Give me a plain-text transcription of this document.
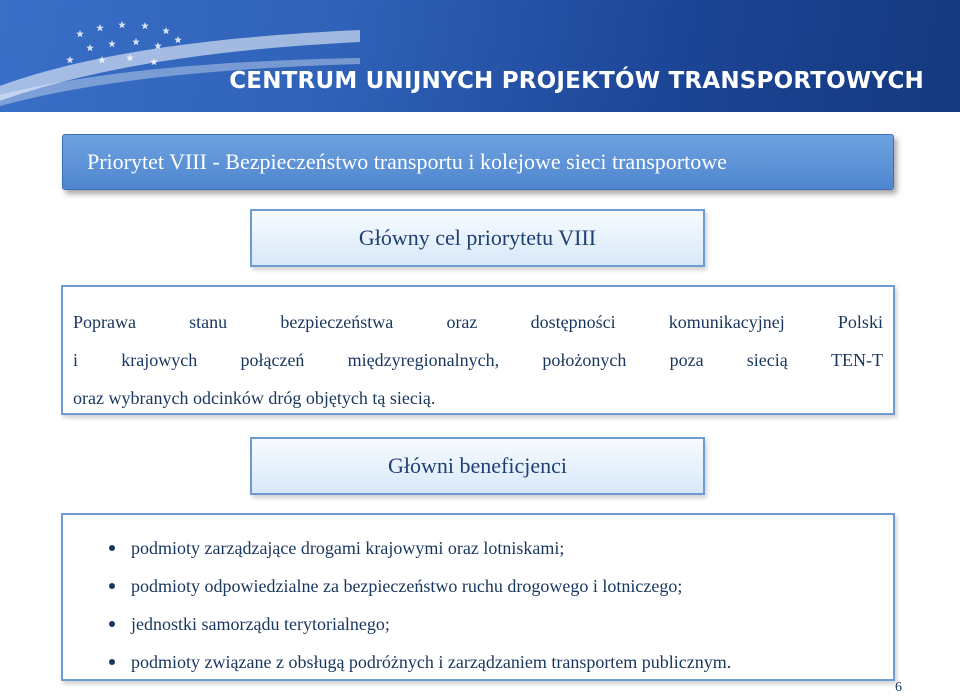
CENTRUM UNIJNYCH PROJEKTÓW TRANSPORTOWYCH
Priorytet VIII - Bezpieczeństwo transportu i kolejowe sieci transportowe
Główny cel priorytetu VIII
Poprawa	stanu	bezpieczeństwa	oraz	dostępności	komunikacyjnej	Polski
i krajowych połączeń międzyregionalnych, położonych poza siecią TEN-T
oraz wybranych odcinków dróg objętych tą siecią.
Główni beneficjenci
podmioty zarządzające drogami krajowymi oraz lotniskami;
podmioty odpowiedzialne za bezpieczeństwo ruchu drogowego i lotniczego;
jednostki samorządu terytorialnego;
podmioty związane z obsługą podróżnych i zarządzaniem transportem publicznym.
6
